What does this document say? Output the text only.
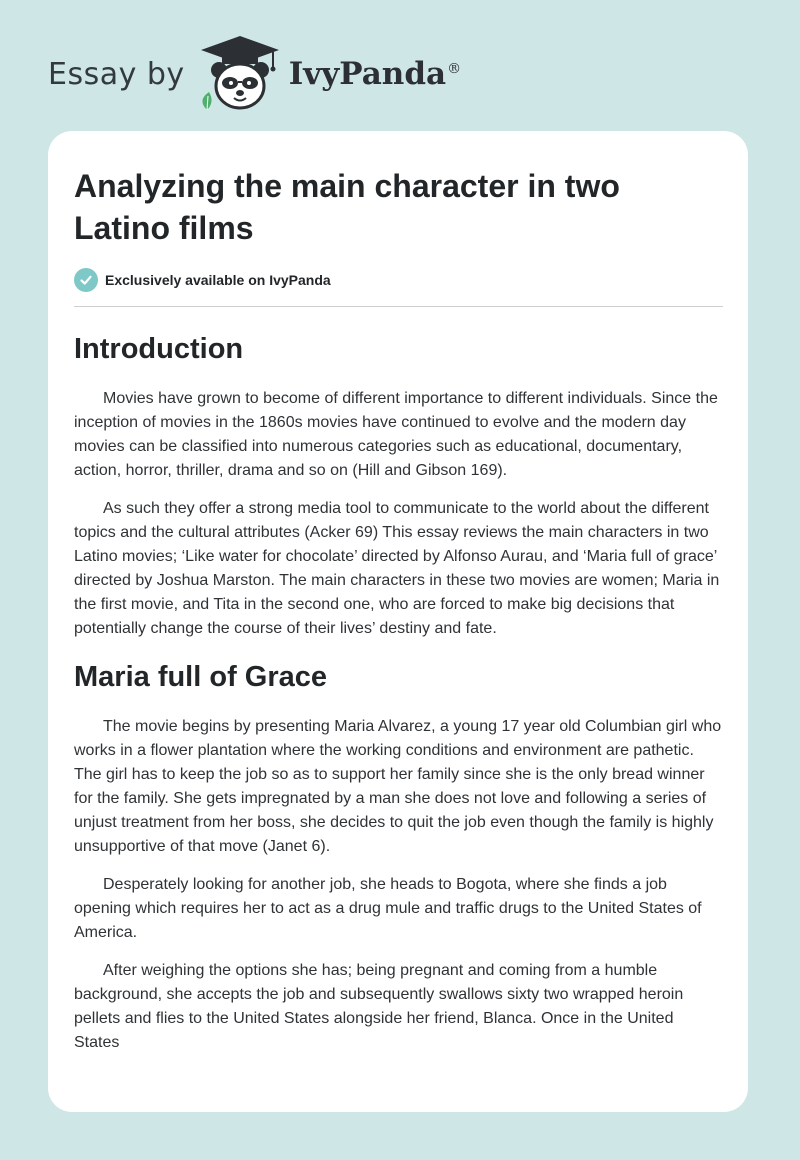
Essay by	IvyPanda®
Analyzing the main character in two Latino films
Exclusively available on IvyPanda
Introduction

Movies have grown to become of different importance to different individuals. Since the inception of movies in the 1860s movies have continued to evolve and the modern day movies can be classified into numerous categories such as educational, documentary, action, horror, thriller, drama and so on (Hill and Gibson 169).

As such they offer a strong media tool to communicate to the world about the different topics and the cultural attributes (Acker 69) This essay reviews the main characters in two Latino movies; ‘Like water for chocolate’ directed by Alfonso Aurau, and ‘Maria full of grace’ directed by Joshua Marston. The main characters in these two movies are women; Maria in the first movie, and Tita in the second one, who are forced to make big decisions that potentially change the course of their lives’ destiny and fate.

Maria full of Grace

The movie begins by presenting Maria Alvarez, a young 17 year old Columbian girl who works in a flower plantation where the working conditions and environment are pathetic. The girl has to keep the job so as to support her family since she is the only bread winner for the family. She gets impregnated by a man she does not love and following a series of unjust treatment from her boss, she decides to quit the job even though the family is highly unsupportive of that move (Janet 6).

Desperately looking for another job, she heads to Bogota, where she finds a job opening which requires her to act as a drug mule and traffic drugs to the United States of America.

After weighing the options she has; being pregnant and coming from a humble background, she accepts the job and subsequently swallows sixty two wrapped heroin pellets and flies to the United States alongside her friend, Blanca. Once in the United States
